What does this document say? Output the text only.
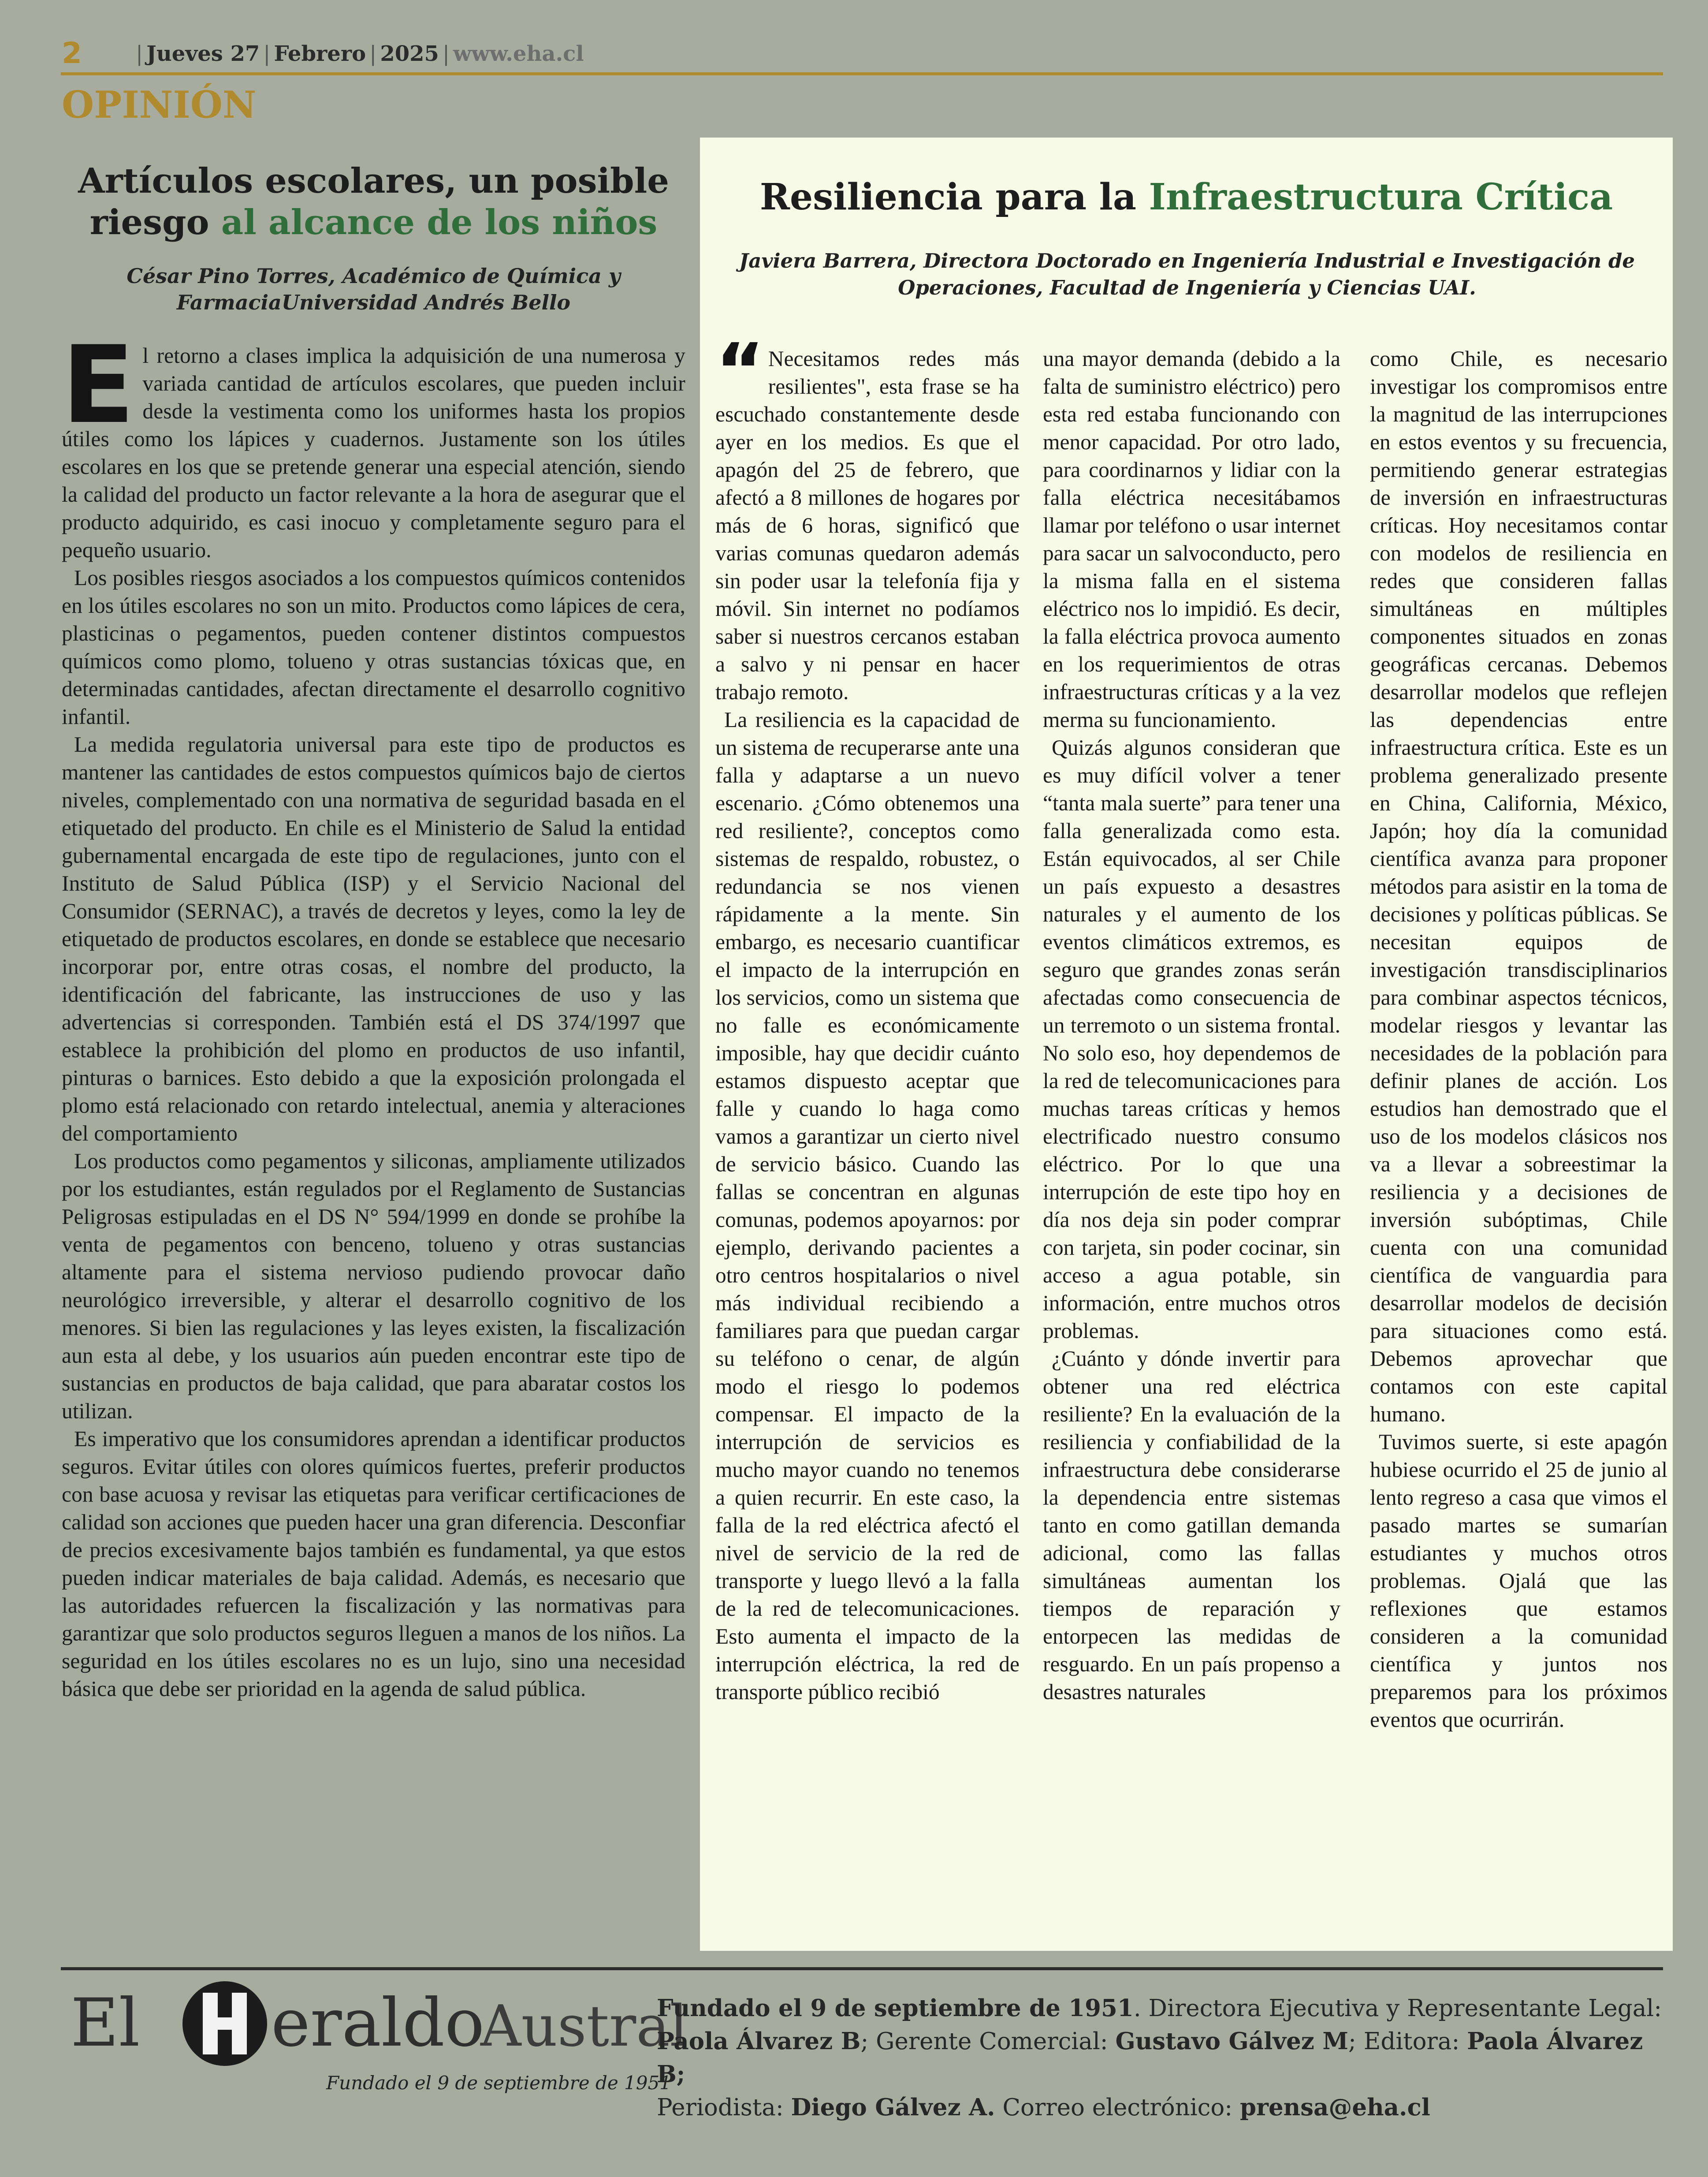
2	| Jueves 27 | Febrero | 2025 | www.eha.cl
OPINIÓN
Artículos escolares, un posible riesgo al alcance de los niños
César Pino Torres, Académico de Química y FarmaciaUniversidad Andrés Bello

El retorno a clases implica la adquisición de una numerosa y variada cantidad de artículos escolares, que pueden incluir desde la vestimenta como los uniformes hasta los propios útiles como los lápices y cuadernos. Justamente son los útiles escolares en los que se pretende generar una especial atención, siendo la calidad del producto un factor relevante a la hora de asegurar que el producto adquirido, es casi inocuo y completamente seguro para el pequeño usuario.

Los posibles riesgos asociados a los compuestos químicos contenidos en los útiles escolares no son un mito. Productos como lápices de cera, plasticinas o pegamentos, pueden contener distintos compuestos químicos como plomo, tolueno y otras sustancias tóxicas que, en determinadas cantidades, afectan directamente el desarrollo cognitivo infantil.

La medida regulatoria universal para este tipo de productos es mantener las cantidades de estos compuestos químicos bajo de ciertos niveles, complementado con una normativa de seguridad basada en el etiquetado del producto. En chile es el Ministerio de Salud la entidad gubernamental encargada de este tipo de regulaciones, junto con el Instituto de Salud Pública (ISP) y el Servicio Nacional del Consumidor (SERNAC), a través de decretos y leyes, como la ley de etiquetado de productos escolares, en donde se establece que necesario incorporar por, entre otras cosas, el nombre del producto, la identificación del fabricante, las instrucciones de uso y las advertencias si corresponden. También está el DS 374/1997 que establece la prohibición del plomo en productos de uso infantil, pinturas o barnices. Esto debido a que la exposición prolongada el plomo está relacionado con retardo intelectual, anemia y alteraciones del comportamiento

Los productos como pegamentos y siliconas, ampliamente utilizados por los estudiantes, están regulados por el Reglamento de Sustancias Peligrosas estipuladas en el DS N° 594/1999 en donde se prohíbe la venta de pegamentos con benceno, tolueno y otras sustancias altamente para el sistema nervioso pudiendo provocar daño neurológico irreversible, y alterar el desarrollo cognitivo de los menores. Si bien las regulaciones y las leyes existen, la fiscalización aun esta al debe, y los usuarios aún pueden encontrar este tipo de sustancias en productos de baja calidad, que para abaratar costos los utilizan.

Es imperativo que los consumidores aprendan a identificar productos seguros. Evitar útiles con olores químicos fuertes, preferir productos con base acuosa y revisar las etiquetas para verificar certificaciones de calidad son acciones que pueden hacer una gran diferencia. Desconfiar de precios excesivamente bajos también es fundamental, ya que estos pueden indicar materiales de baja calidad. Además, es necesario que las autoridades refuercen la fiscalización y las normativas para garantizar que solo productos seguros lleguen a manos de los niños. La seguridad en los útiles escolares no es un lujo, sino una necesidad básica que debe ser prioridad en la agenda de salud pública.

Resiliencia para la Infraestructura Crítica
Javiera Barrera, Directora Doctorado en Ingeniería Industrial e Investigación de Operaciones, Facultad de Ingeniería y Ciencias UAI.

“ Necesitamos redes más resilientes", esta frase se ha escuchado constantemente desde ayer en los medios. Es que el apagón del 25 de febrero, que afectó a 8 millones de hogares por más de 6 horas, significó que varias comunas quedaron además sin poder usar la telefonía fija y móvil. Sin internet no podíamos saber si nuestros cercanos estaban a salvo y ni pensar en hacer trabajo remoto.

La resiliencia es la capacidad de un sistema de recuperarse ante una falla y adaptarse a un nuevo escenario. ¿Cómo obtenemos una red resiliente?, conceptos como sistemas de respaldo, robustez, o redundancia se nos vienen rápidamente a la mente. Sin embargo, es necesario cuantificar el impacto de la interrupción en los servicios, como un sistema que no falle es económicamente imposible, hay que decidir cuánto estamos dispuesto aceptar que falle y cuando lo haga como vamos a garantizar un cierto nivel de servicio básico. Cuando las fallas se concentran en algunas comunas, podemos apoyarnos: por ejemplo, derivando pacientes a otro centros hospitalarios o nivel más individual recibiendo a familiares para que puedan cargar su teléfono o cenar, de algún modo el riesgo lo podemos compensar. El impacto de la interrupción de servicios es mucho mayor cuando no tenemos a quien recurrir. En este caso, la falla de la red eléctrica afectó el nivel de servicio de la red de transporte y luego llevó a la falla de la red de telecomunicaciones. Esto aumenta el impacto de la interrupción eléctrica, la red de transporte público recibió

una mayor demanda (debido a la falta de suministro eléctrico) pero esta red estaba funcionando con menor capacidad. Por otro lado, para coordinarnos y lidiar con la falla eléctrica necesitábamos llamar por teléfono o usar internet para sacar un salvoconducto, pero la misma falla en el sistema eléctrico nos lo impidió. Es decir, la falla eléctrica provoca aumento en los requerimientos de otras infraestructuras críticas y a la vez merma su funcionamiento.

Quizás algunos consideran que es muy difícil volver a tener “tanta mala suerte” para tener una falla generalizada como esta. Están equivocados, al ser Chile un país expuesto a desastres naturales y el aumento de los eventos climáticos extremos, es seguro que grandes zonas serán afectadas como consecuencia de un terremoto o un sistema frontal. No solo eso, hoy dependemos de la red de telecomunicaciones para muchas tareas críticas y hemos electrificado nuestro consumo eléctrico. Por lo que una interrupción de este tipo hoy en día nos deja sin poder comprar con tarjeta, sin poder cocinar, sin acceso a agua potable, sin información, entre muchos otros problemas.

¿Cuánto y dónde invertir para obtener una red eléctrica resiliente? En la evaluación de la resiliencia y confiabilidad de la infraestructura debe considerarse la dependencia entre sistemas tanto en como gatillan demanda adicional, como las fallas simultáneas aumentan los tiempos de reparación y entorpecen las medidas de resguardo. En un país propenso a desastres naturales

como Chile, es necesario investigar los compromisos entre la magnitud de las interrupciones en estos eventos y su frecuencia, permitiendo generar estrategias de inversión en infraestructuras críticas. Hoy necesitamos contar con modelos de resiliencia en redes que consideren fallas simultáneas en múltiples componentes situados en zonas geográficas cercanas. Debemos desarrollar modelos que reflejen las dependencias entre infraestructura crítica. Este es un problema generalizado presente en China, California, México, Japón; hoy día la comunidad científica avanza para proponer métodos para asistir en la toma de decisiones y políticas públicas. Se necesitan equipos de investigación transdisciplinarios para combinar aspectos técnicos, modelar riesgos y levantar las necesidades de la población para definir planes de acción. Los estudios han demostrado que el uso de los modelos clásicos nos va a llevar a sobreestimar la resiliencia y a decisiones de inversión subóptimas, Chile cuenta con una comunidad científica de vanguardia para desarrollar modelos de decisión para situaciones como está. Debemos aprovechar que contamos con este capital humano.

Tuvimos suerte, si este apagón hubiese ocurrido el 25 de junio al lento regreso a casa que vimos el pasado martes se sumarían estudiantes y muchos otros problemas. Ojalá que las reflexiones que estamos consideren a la comunidad científica y juntos nos preparemos para los próximos eventos que ocurrirán.

El eraldo
Austral
Fundado el 9 de septiembre de 1951
Fundado el 9 de septiembre de 1951. Directora Ejecutiva y Representante Legal:
Paola Álvarez B; Gerente Comercial: Gustavo Gálvez M; Editora: Paola Álvarez B;
Periodista: Diego Gálvez A. Correo electrónico: prensa@eha.cl
